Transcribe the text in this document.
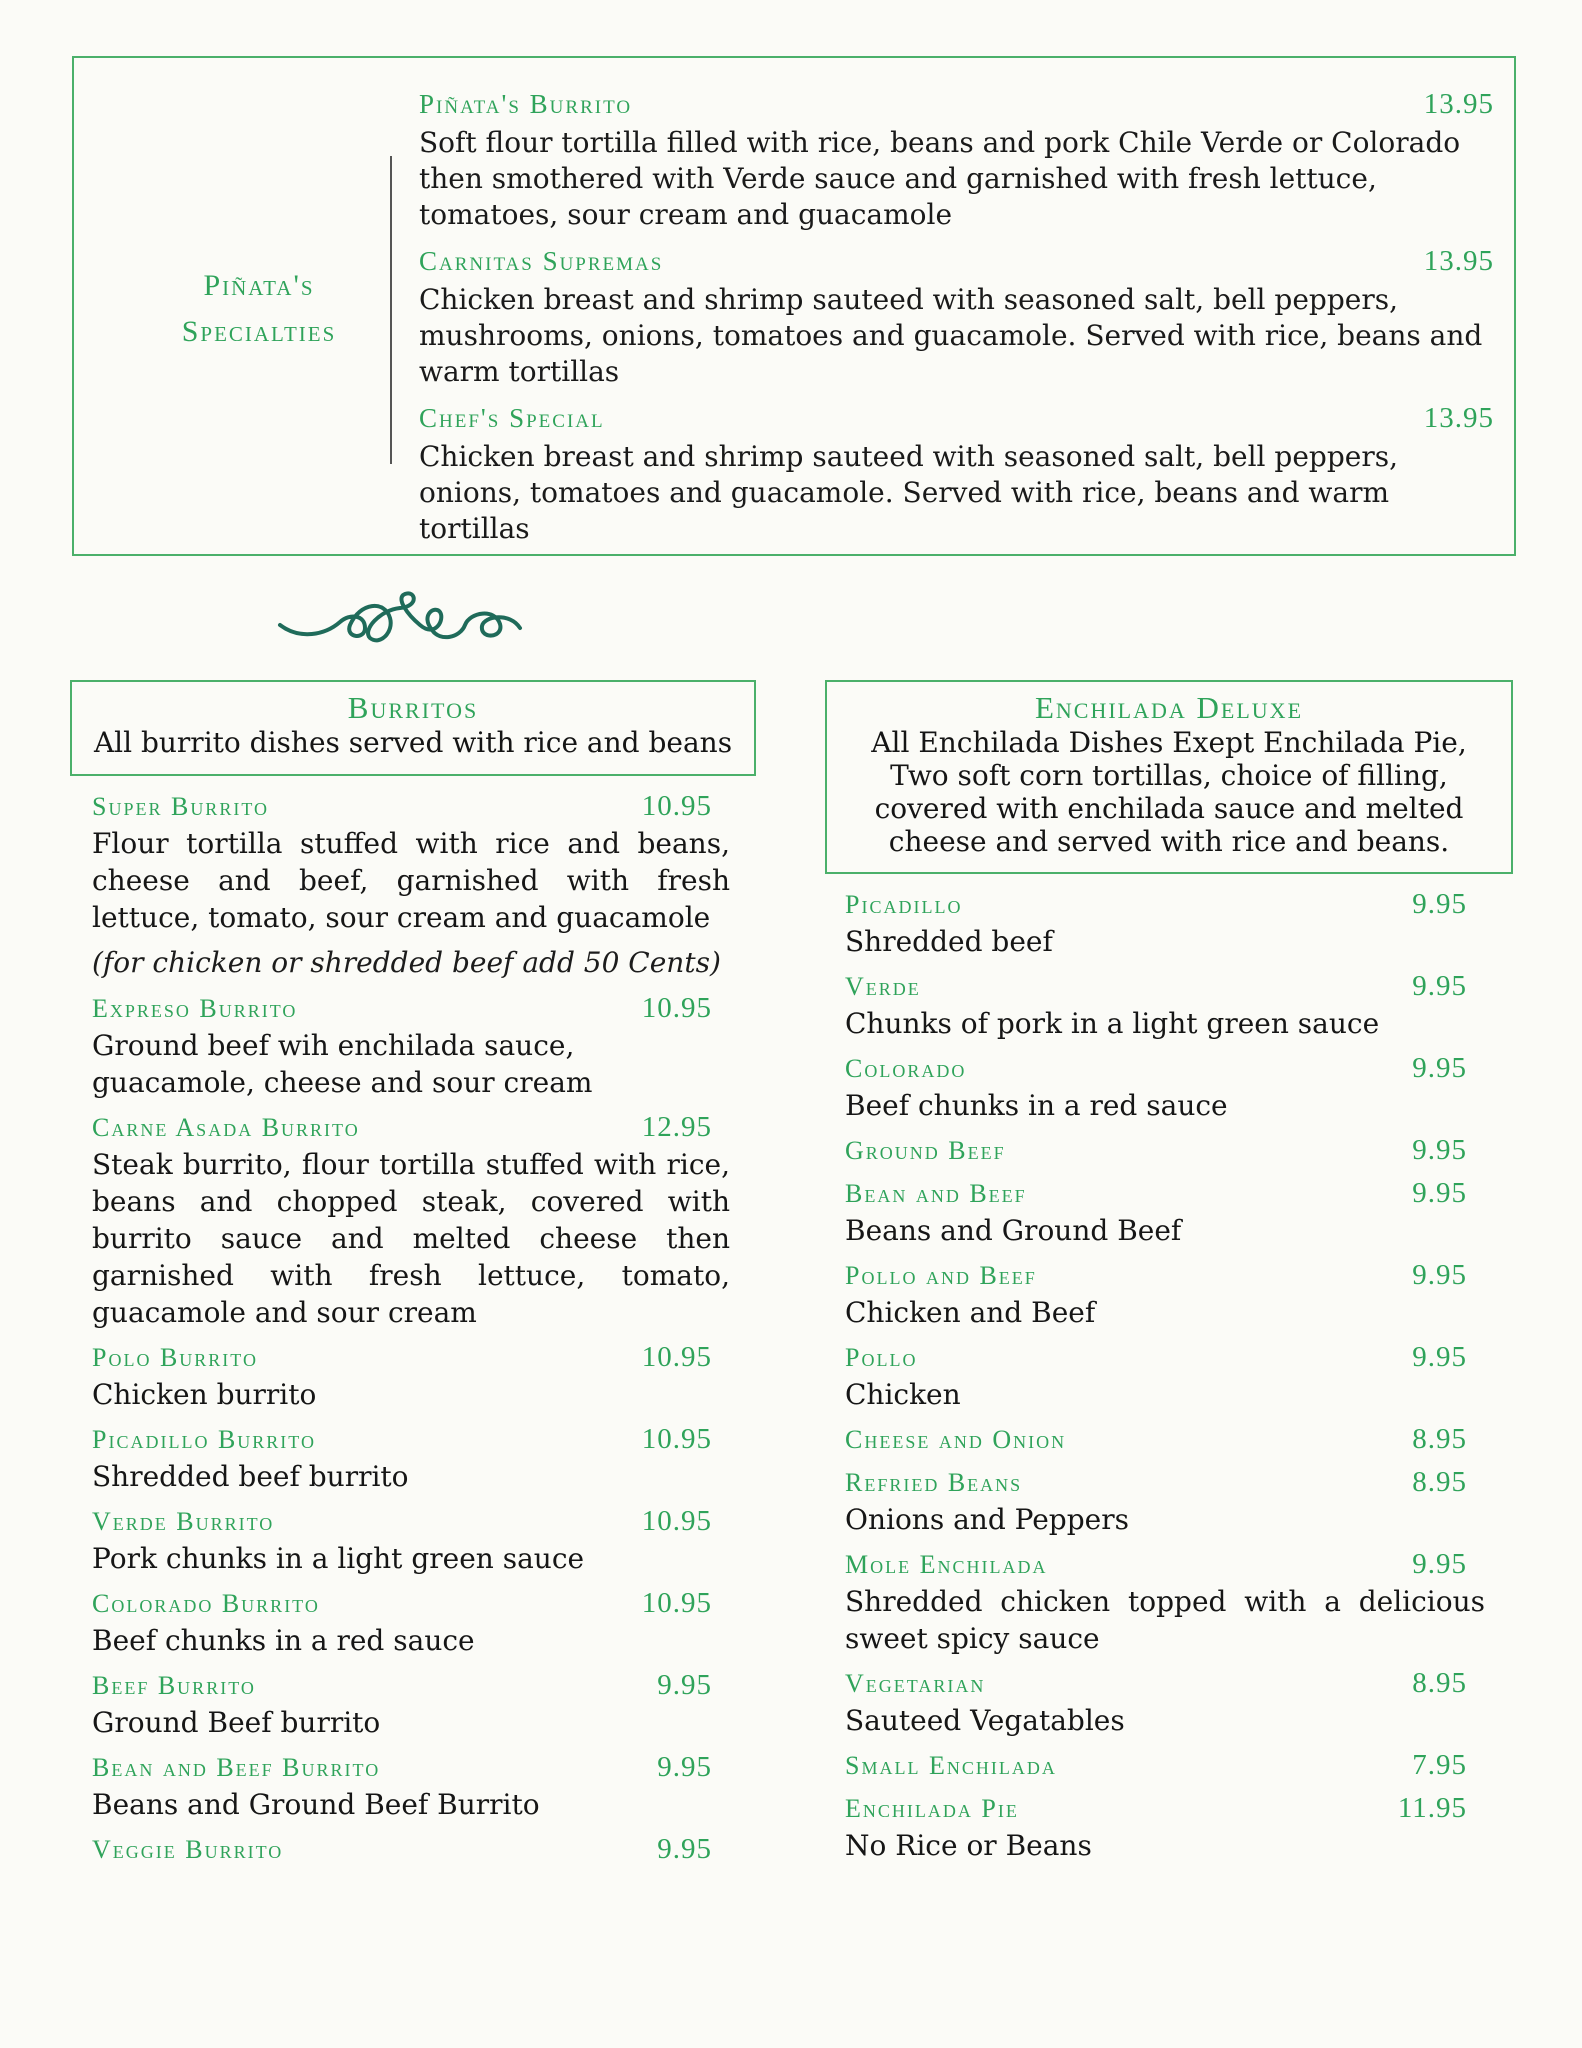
Piñata's
Specialties
Piñata's Burrito	13.95
Soft flour tortilla filled with rice, beans and pork Chile Verde or Colorado then smothered with Verde sauce and garnished with fresh lettuce, tomatoes, sour cream and guacamole
Carnitas Supremas	13.95
Chicken breast and shrimp sauteed with seasoned salt, bell peppers, mushrooms, onions, tomatoes and guacamole. Served with rice, beans and warm tortillas
Chef's Special	13.95
Chicken breast and shrimp sauteed with seasoned salt, bell peppers, onions, tomatoes and guacamole. Served with rice, beans and warm tortillas
Burritos
All burrito dishes served with rice and beans
Super Burrito	10.95
Flour tortilla stuffed with rice and beans, cheese and beef, garnished with fresh lettuce, tomato, sour cream and guacamole
(for chicken or shredded beef add 50 Cents)
Expreso Burrito	10.95
Ground beef wih enchilada sauce, guacamole, cheese and sour cream
Carne Asada Burrito	12.95
Steak burrito, flour tortilla stuffed with rice, beans and chopped steak, covered with burrito sauce and melted cheese then garnished with fresh lettuce, tomato, guacamole and sour cream
Polo Burrito	10.95
Chicken burrito
Picadillo Burrito	10.95
Shredded beef burrito
Verde Burrito	10.95
Pork chunks in a light green sauce
Colorado Burrito	10.95
Beef chunks in a red sauce
Beef Burrito	9.95
Ground Beef burrito
Bean and Beef Burrito	9.95
Beans and Ground Beef Burrito
Veggie Burrito	9.95
Enchilada Deluxe
All Enchilada Dishes Exept Enchilada Pie,
Two soft corn tortillas, choice of filling,
covered with enchilada sauce and melted
cheese and served with rice and beans.
Picadillo	9.95
Shredded beef
Verde	9.95
Chunks of pork in a light green sauce
Colorado	9.95
Beef chunks in a red sauce
Ground Beef	9.95
Bean and Beef	9.95
Beans and Ground Beef
Pollo and Beef	9.95
Chicken and Beef
Pollo	9.95
Chicken
Cheese and Onion	8.95
Refried Beans	8.95
Onions and Peppers
Mole Enchilada	9.95
Shredded chicken topped with a delicious sweet spicy sauce
Vegetarian	8.95
Sauteed Vegatables
Small Enchilada	7.95
Enchilada Pie	11.95
No Rice or Beans
